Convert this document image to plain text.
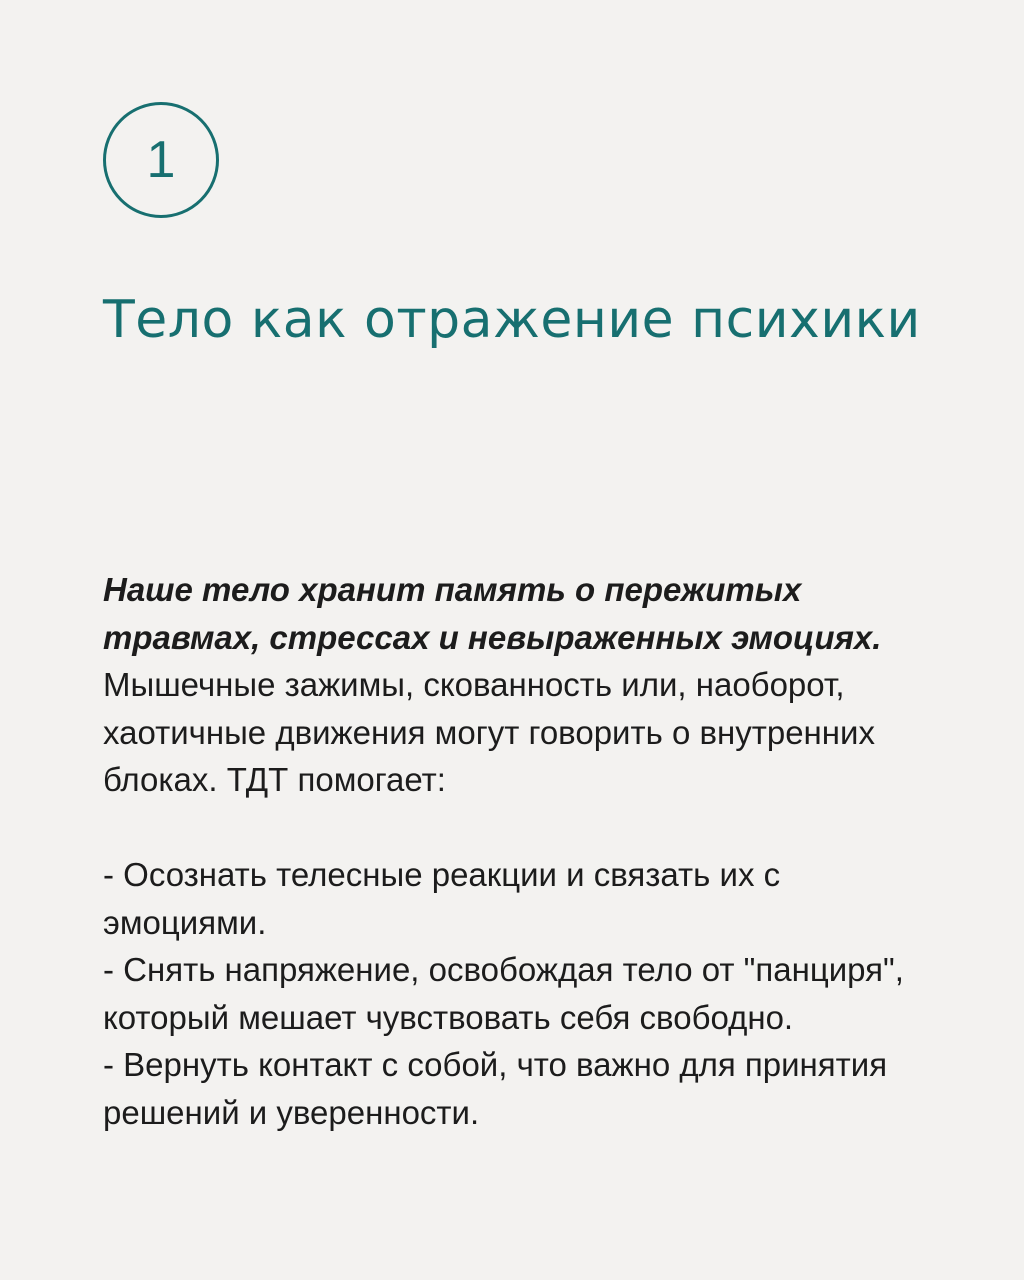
1
Тело как отражение психики

Наше тело хранит память о пережитых травмах, стрессах и невыраженных эмоциях. Мышечные зажимы, скованность или, наоборот, хаотичные движения могут говорить о внутренних блоках. ТДТ помогает:

- Осознать телесные реакции и связать их с эмоциями.
- Снять напряжение, освобождая тело от "панциря", который мешает чувствовать себя свободно.
- Вернуть контакт с собой, что важно для принятия решений и уверенности.
